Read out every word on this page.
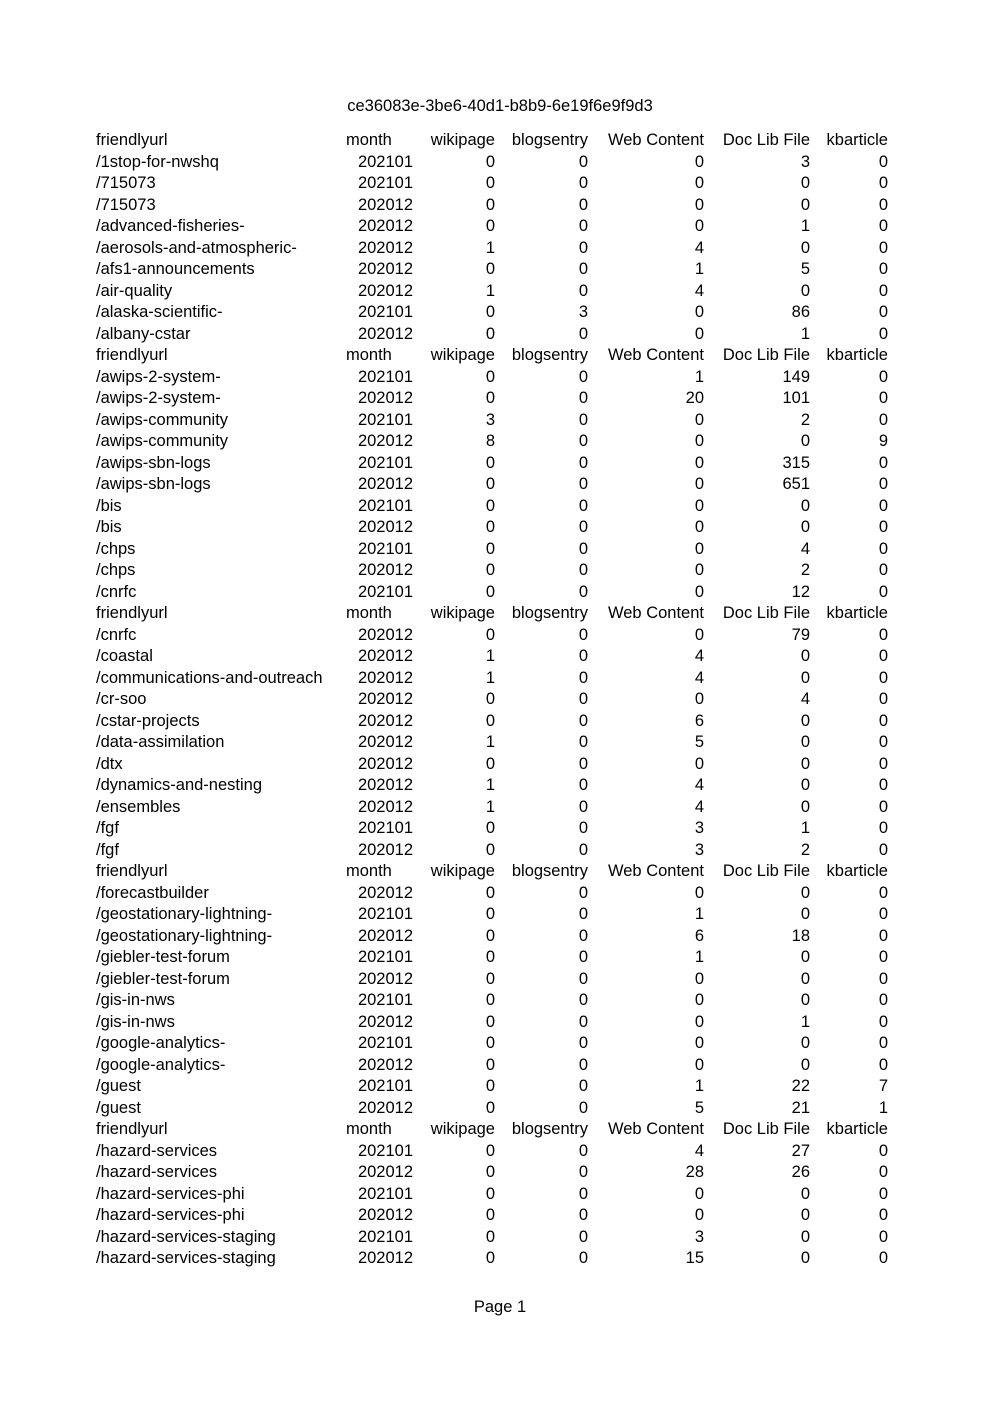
ce36083e-3be6-40d1-b8b9-6e19f6e9f9d3
friendlyurl	month	wikipage	blogsentry	Web Content	Doc Lib File	kbarticle
/1stop-for-nwshq	202101	0	0	0	3	0
/715073	202101	0	0	0	0	0
/715073	202012	0	0	0	0	0
/advanced-fisheries-	202012	0	0	0	1	0
/aerosols-and-atmospheric-	202012	1	0	4	0	0
/afs1-announcements	202012	0	0	1	5	0
/air-quality	202012	1	0	4	0	0
/alaska-scientific-	202101	0	3	0	86	0
/albany-cstar	202012	0	0	0	1	0
friendlyurl	month	wikipage	blogsentry	Web Content	Doc Lib File	kbarticle
/awips-2-system-	202101	0	0	1	149	0
/awips-2-system-	202012	0	0	20	101	0
/awips-community	202101	3	0	0	2	0
/awips-community	202012	8	0	0	0	9
/awips-sbn-logs	202101	0	0	0	315	0
/awips-sbn-logs	202012	0	0	0	651	0
/bis	202101	0	0	0	0	0
/bis	202012	0	0	0	0	0
/chps	202101	0	0	0	4	0
/chps	202012	0	0	0	2	0
/cnrfc	202101	0	0	0	12	0
friendlyurl	month	wikipage	blogsentry	Web Content	Doc Lib File	kbarticle
/cnrfc	202012	0	0	0	79	0
/coastal	202012	1	0	4	0	0
/communications-and-outreach	202012	1	0	4	0	0
/cr-soo	202012	0	0	0	4	0
/cstar-projects	202012	0	0	6	0	0
/data-assimilation	202012	1	0	5	0	0
/dtx	202012	0	0	0	0	0
/dynamics-and-nesting	202012	1	0	4	0	0
/ensembles	202012	1	0	4	0	0
/fgf	202101	0	0	3	1	0
/fgf	202012	0	0	3	2	0
friendlyurl	month	wikipage	blogsentry	Web Content	Doc Lib File	kbarticle
/forecastbuilder	202012	0	0	0	0	0
/geostationary-lightning-	202101	0	0	1	0	0
/geostationary-lightning-	202012	0	0	6	18	0
/giebler-test-forum	202101	0	0	1	0	0
/giebler-test-forum	202012	0	0	0	0	0
/gis-in-nws	202101	0	0	0	0	0
/gis-in-nws	202012	0	0	0	1	0
/google-analytics-	202101	0	0	0	0	0
/google-analytics-	202012	0	0	0	0	0
/guest	202101	0	0	1	22	7
/guest	202012	0	0	5	21	1
friendlyurl	month	wikipage	blogsentry	Web Content	Doc Lib File	kbarticle
/hazard-services	202101	0	0	4	27	0
/hazard-services	202012	0	0	28	26	0
/hazard-services-phi	202101	0	0	0	0	0
/hazard-services-phi	202012	0	0	0	0	0
/hazard-services-staging	202101	0	0	3	0	0
/hazard-services-staging	202012	0	0	15	0	0
Page 1
